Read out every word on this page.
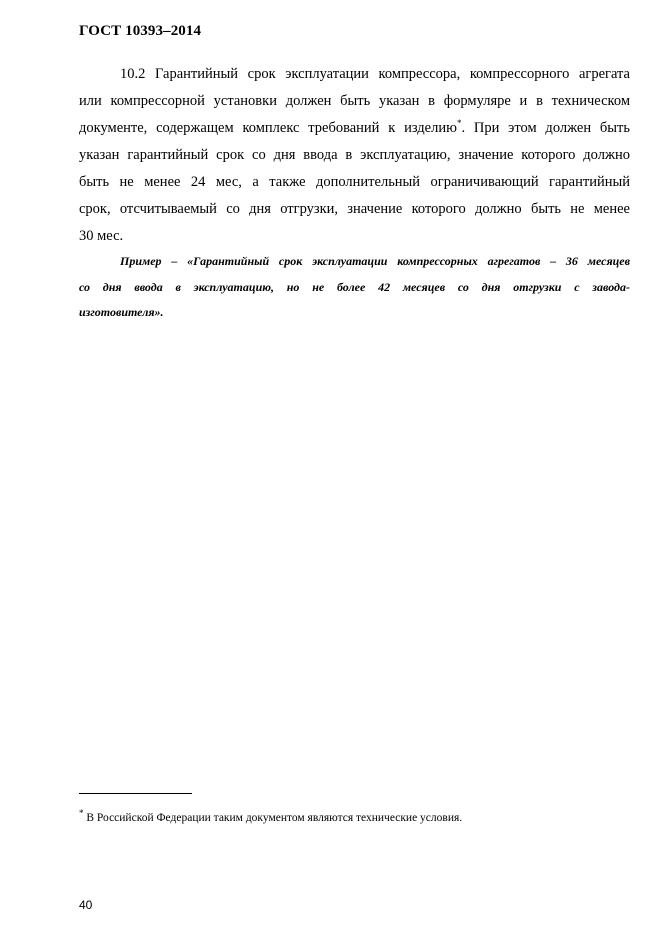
ГОСТ 10393–2014
10.2 Гарантийный срок эксплуатации компрессора, компрессорного агрегата
или компрессорной установки должен быть указан в формуляре и в техническом
документе, содержащем комплекс требований к изделию*. При этом должен быть
указан гарантийный срок со дня ввода в эксплуатацию, значение которого должно
быть не менее 24 мес, а также дополнительный ограничивающий гарантийный
срок, отсчитываемый со дня отгрузки, значение которого должно быть не менее
30 мес.
Пример – «Гарантийный срок эксплуатации компрессорных агрегатов – 36 месяцев
со дня ввода в эксплуатацию, но не более 42 месяцев со дня отгрузки с завода-
изготовителя».
* В Российской Федерации таким документом являются технические условия.
40
